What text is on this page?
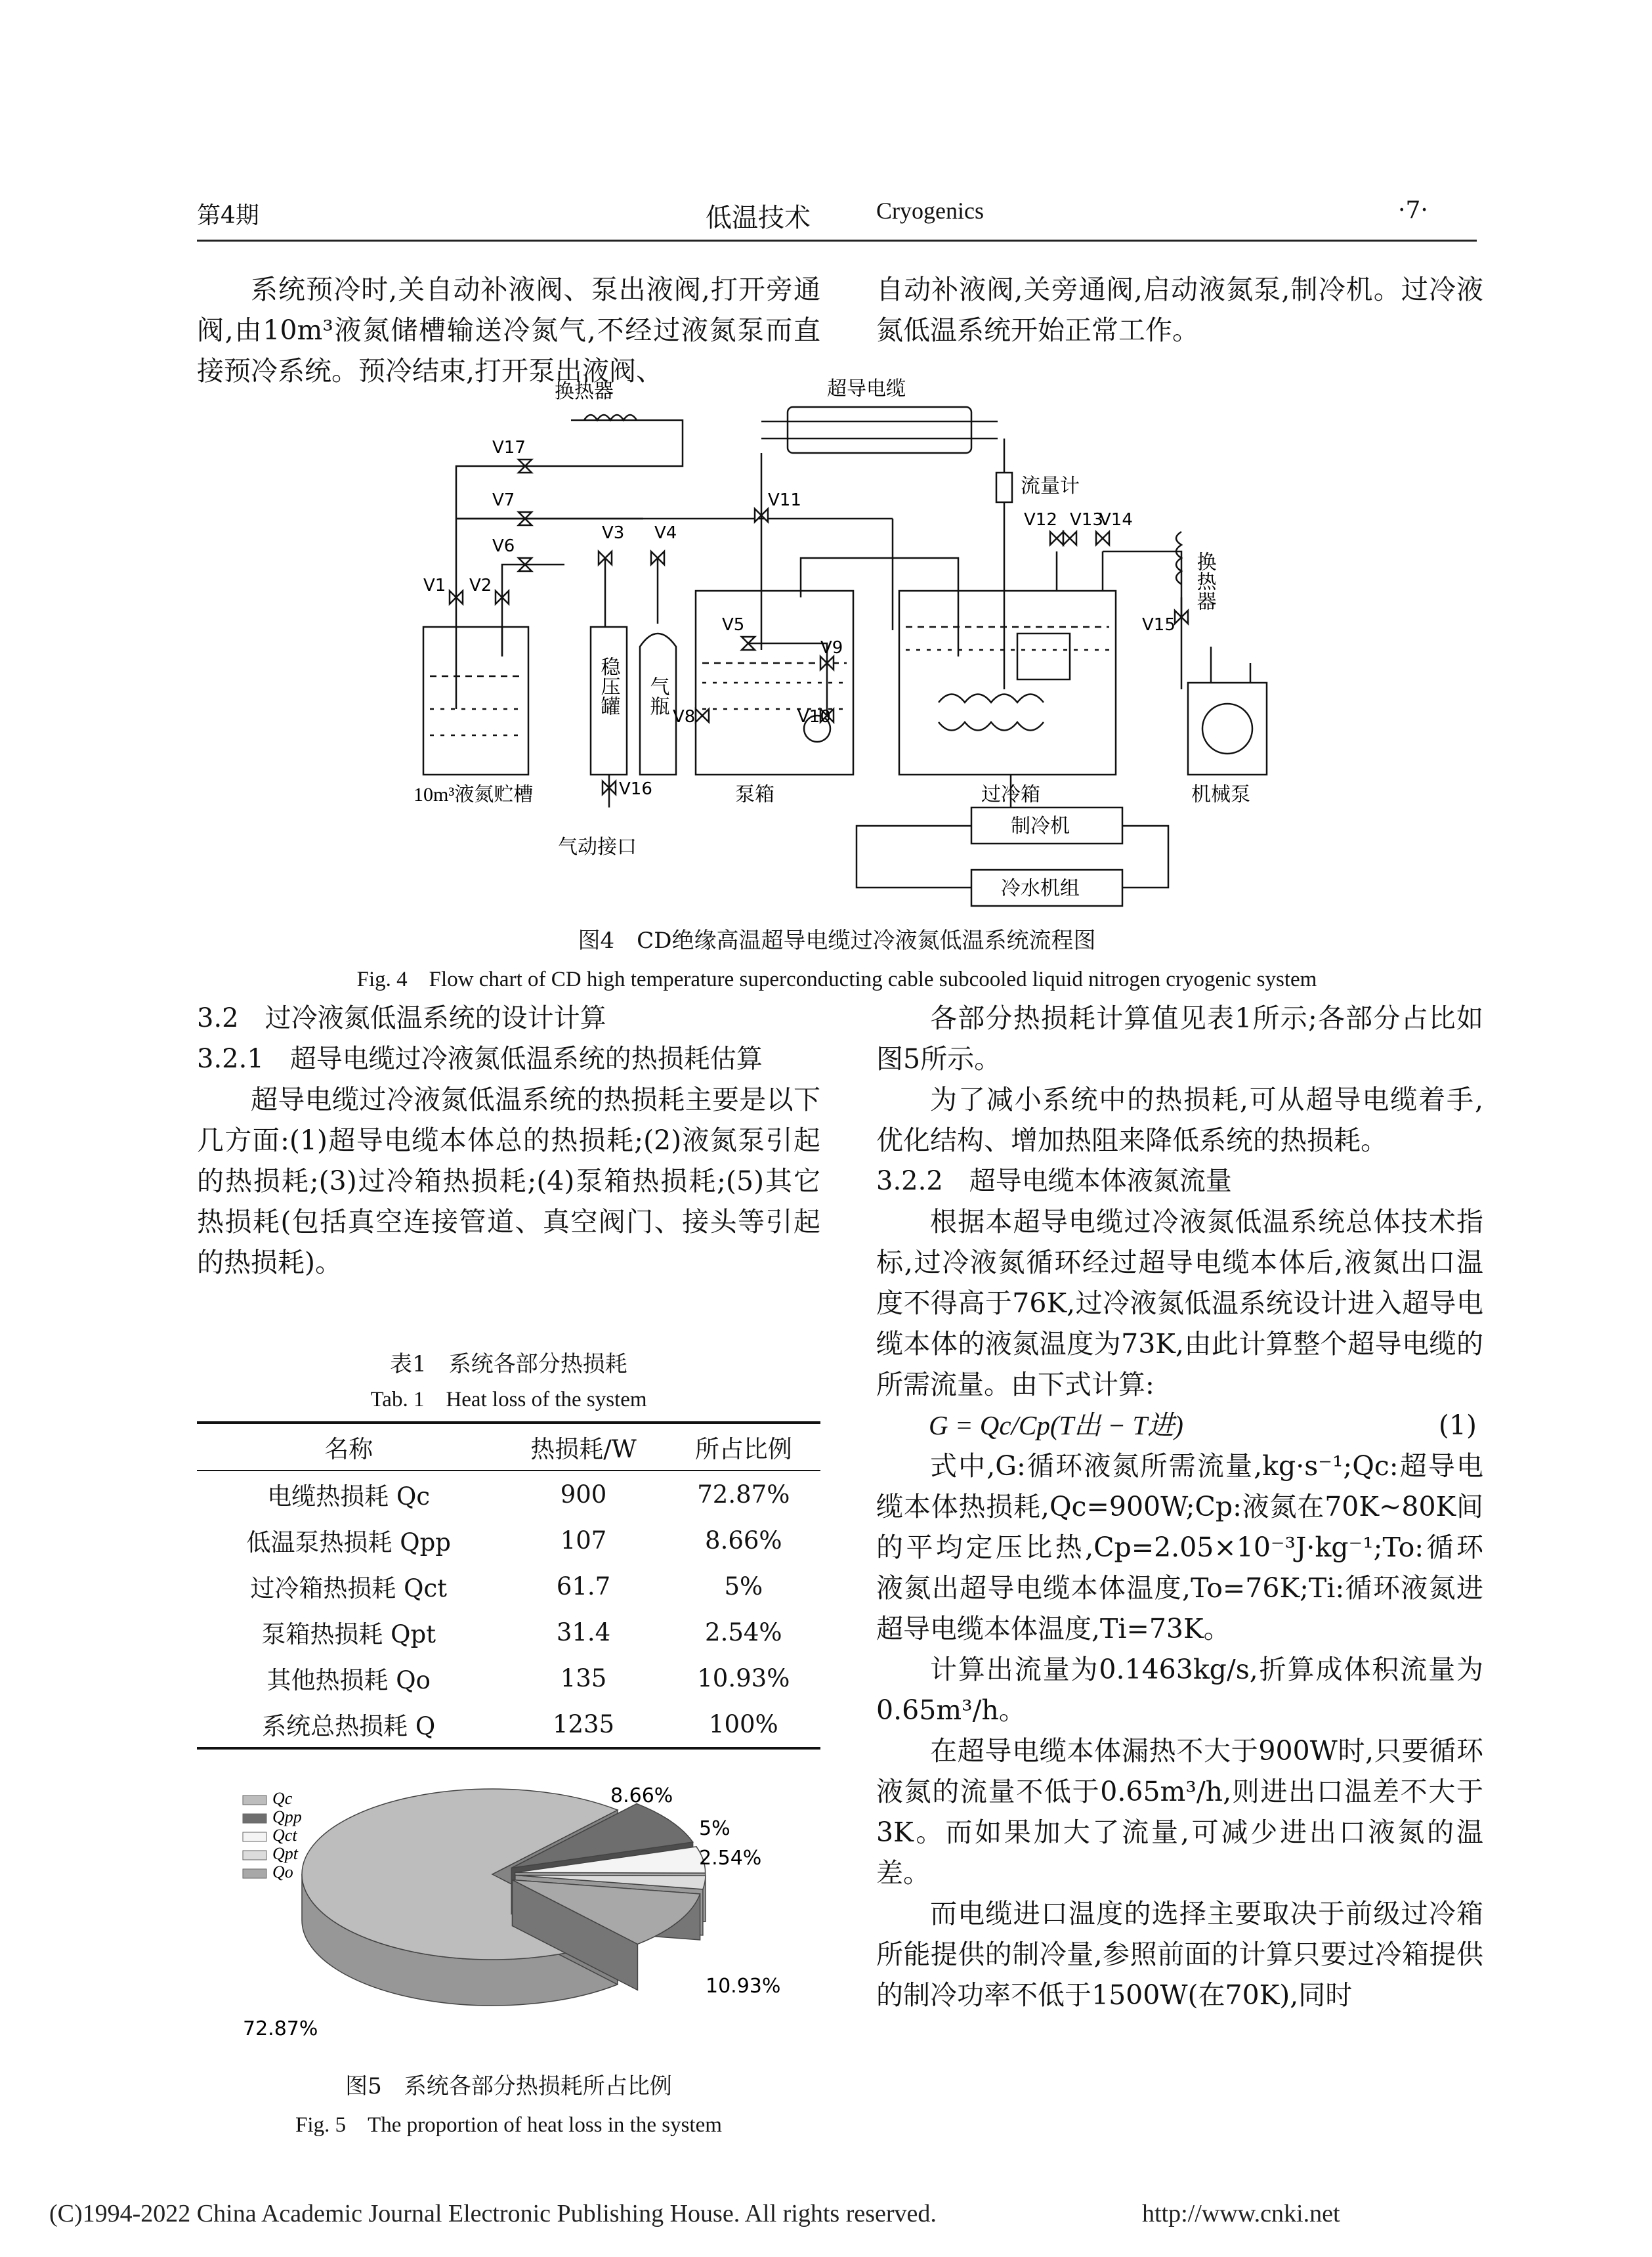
第4期	低温技术	Cryogenics	·7·

系统预冷时,关自动补液阀、泵出液阀,打开旁通阀,由10m³液氮储槽输送冷氮气,不经过液氮泵而直接预冷系统。预冷结束,打开泵出液阀、

自动补液阀,关旁通阀,启动液氮泵,制冷机。过冷液氮低温系统开始正常工作。

V1 V2
V3 V4
V5
V6
V7
V8
V9
V10
V11
V12 V13
V14
V15
V16
V17
超导电缆
换热器
流量计
换热器
稳压罐 气瓶
10m³液氮贮槽	泵箱	过冷箱	机械泵
气动接口
制冷机
冷水机组
图4　CD绝缘高温超导电缆过冷液氮低温系统流程图
Fig. 4　Flow chart of CD high temperature superconducting cable subcooled liquid nitrogen cryogenic system

3.2　过冷液氮低温系统的设计计算

3.2.1　超导电缆过冷液氮低温系统的热损耗估算

超导电缆过冷液氮低温系统的热损耗主要是以下几方面:(1)超导电缆本体总的热损耗;(2)液氮泵引起的热损耗;(3)过冷箱热损耗;(4)泵箱热损耗;(5)其它热损耗(包括真空连接管道、真空阀门、接头等引起的热损耗)。

表1　系统各部分热损耗
Tab. 1　Heat loss of the system
名称	热损耗/W	所占比例
电缆热损耗 Qc	900	72.87%
低温泵热损耗 Qpp	107	8.66%
过冷箱热损耗 Qct	61.7	5%
泵箱热损耗 Qpt	31.4	2.54%
其他热损耗 Qo	135	10.93%
系统总热损耗 Q	1235	100%
Qc
Qpp
Qct
Qpt
Qo
72.87%
8.66%
5%
2.54%
10.93%
图5　系统各部分热损耗所占比例
Fig. 5　The proportion of heat loss in the system

各部分热损耗计算值见表1所示;各部分占比如图5所示。

为了减小系统中的热损耗,可从超导电缆着手,优化结构、增加热阻来降低系统的热损耗。

3.2.2　超导电缆本体液氮流量

根据本超导电缆过冷液氮低温系统总体技术指标,过冷液氮循环经过超导电缆本体后,液氮出口温度不得高于76K,过冷液氮低温系统设计进入超导电缆本体的液氮温度为73K,由此计算整个超导电缆的所需流量。由下式计算:

G = Qc/Cp(T出 − T进)	(1)

式中,G:循环液氮所需流量,kg·s⁻¹;Qc:超导电缆本体热损耗,Qc=900W;Cp:液氮在70K~80K间的平均定压比热,Cp=2.05×10⁻³J·kg⁻¹;To:循环液氮出超导电缆本体温度,To=76K;Ti:循环液氮进超导电缆本体温度,Ti=73K。

计算出流量为0.1463kg/s,折算成体积流量为0.65m³/h。

在超导电缆本体漏热不大于900W时,只要循环液氮的流量不低于0.65m³/h,则进出口温差不大于3K。而如果加大了流量,可减少进出口液氮的温差。

而电缆进口温度的选择主要取决于前级过冷箱所能提供的制冷量,参照前面的计算只要过冷箱提供的制冷功率不低于1500W(在70K),同时

(C)1994-2022 China Academic Journal Electronic Publishing House. All rights reserved.	http://www.cnki.net
